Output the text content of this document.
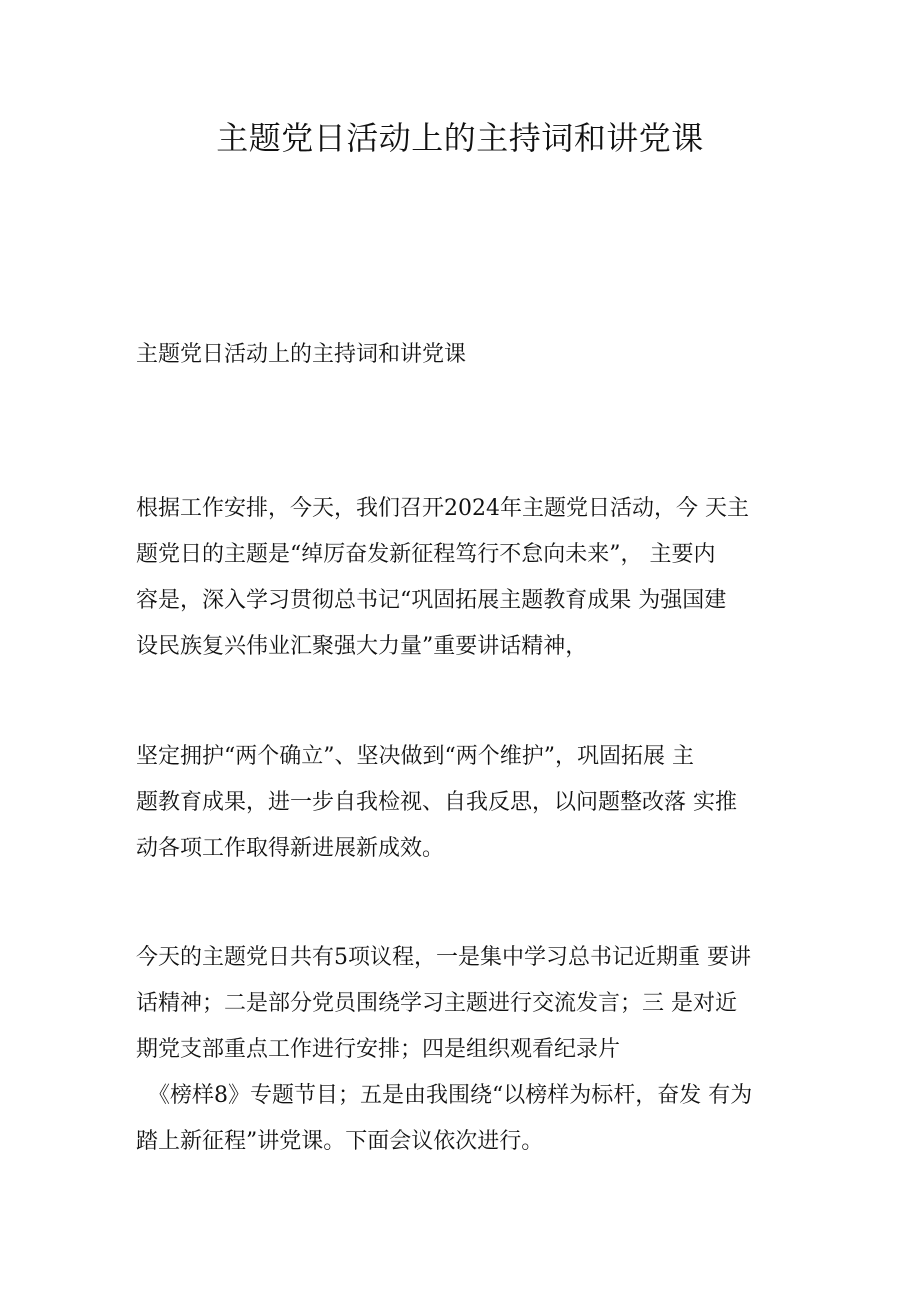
主题党日活动上的主持词和讲党课

主题党日活动上的主持词和讲党课

根据工作安排，今天，我们召开2024年主题党日活动，今 天主
题党日的主题是“绰厉奋发新征程笃行不怠向未来”， 主要内
容是，深入学习贯彻总书记“巩固拓展主题教育成果 为强国建
设民族复兴伟业汇聚强大力量”重要讲话精神，
坚定拥护“两个确立”、坚决做到“两个维护”，巩固拓展 主
题教育成果，进一步自我检视、自我反思，以问题整改落 实推
动各项工作取得新进展新成效。
今天的主题党日共有5项议程，一是集中学习总书记近期重 要讲
话精神；二是部分党员围绕学习主题进行交流发言；三 是对近
期党支部重点工作进行安排；四是组织观看纪录片
《榜样8》专题节目；五是由我围绕“以榜样为标杆，奋发 有为
踏上新征程”讲党课。下面会议依次进行。
